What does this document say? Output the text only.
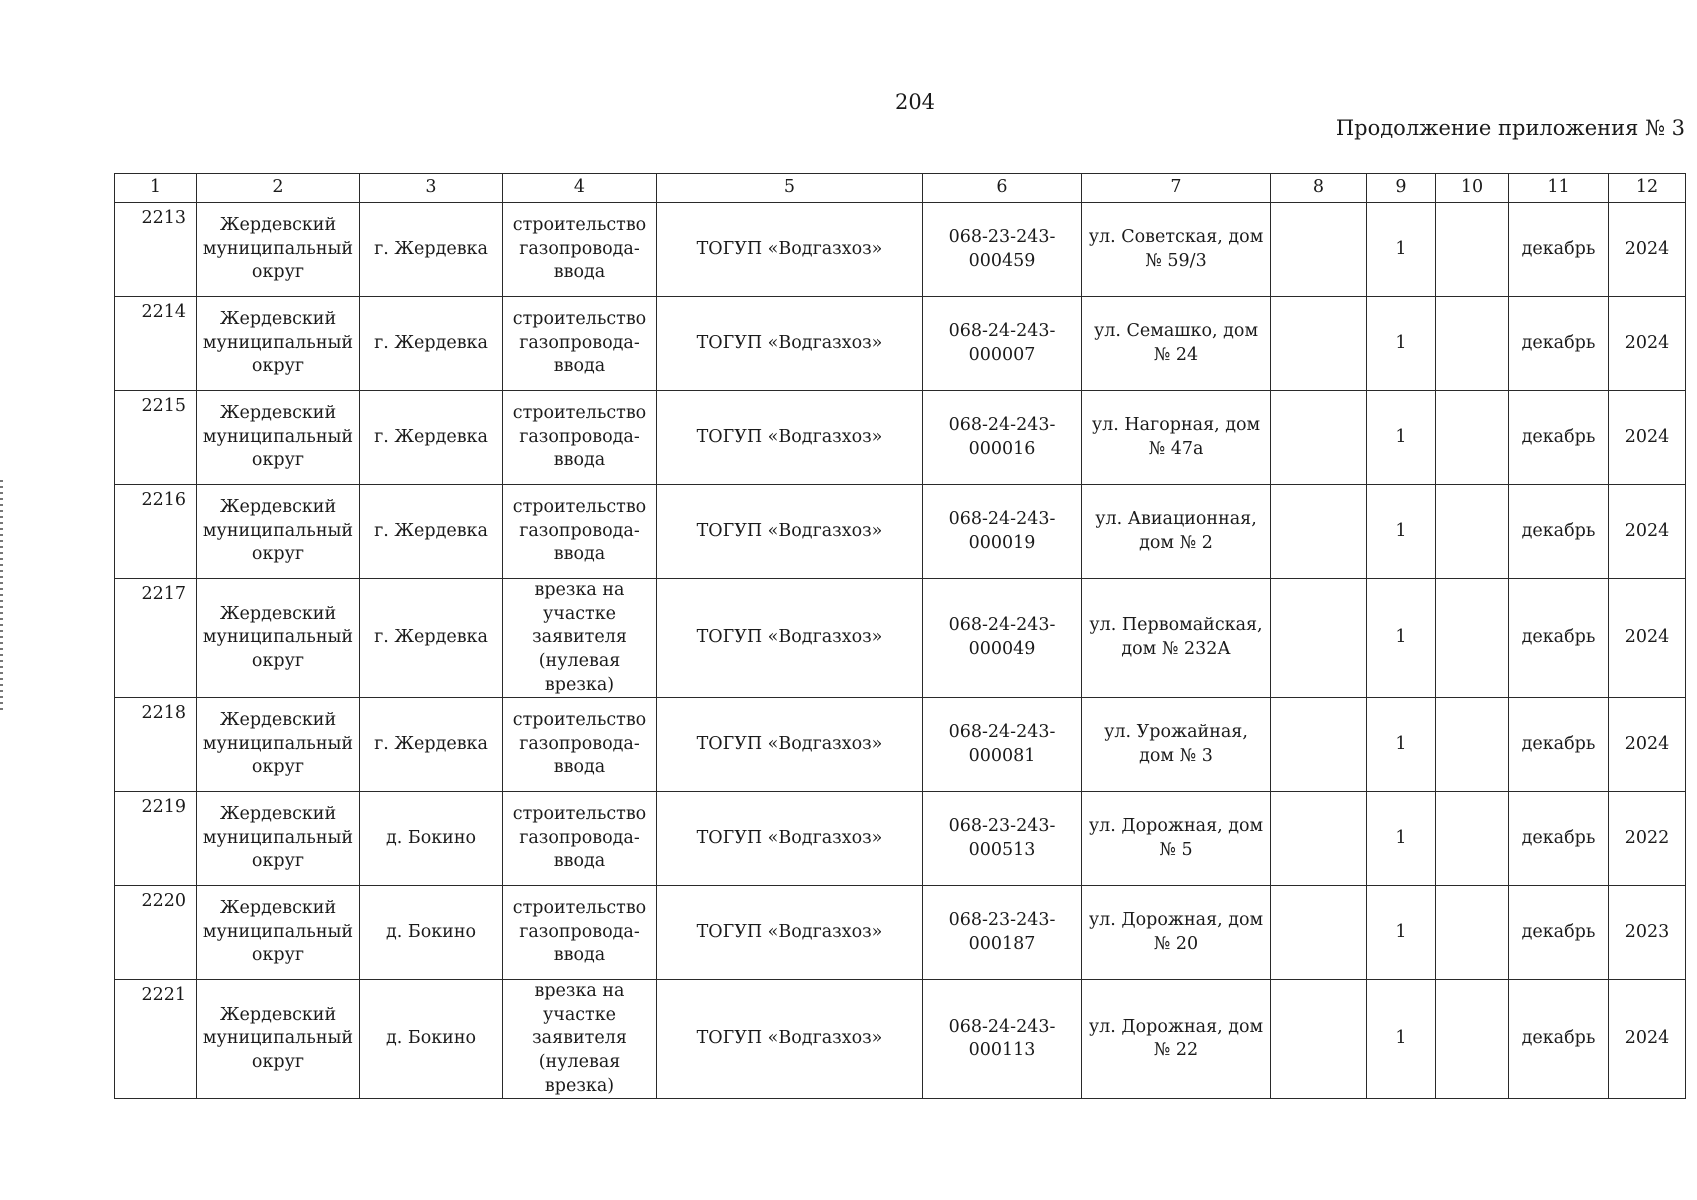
204
Продолжение приложения № 3
1	2	3	4	5	6	7	8	9	10	11	12
2213	Жердевский
муниципальный
округ	г. Жердевка	строительство
газопровода-
ввода	ТОГУП «Водгазхоз»	068-23-243-
000459	ул. Советская, дом
№ 59/3		1		декабрь	2024
2214	Жердевский
муниципальный
округ	г. Жердевка	строительство
газопровода-
ввода	ТОГУП «Водгазхоз»	068-24-243-
000007	ул. Семашко, дом
№ 24		1		декабрь	2024
2215	Жердевский
муниципальный
округ	г. Жердевка	строительство
газопровода-
ввода	ТОГУП «Водгазхоз»	068-24-243-
000016	ул. Нагорная, дом
№ 47а		1		декабрь	2024
2216	Жердевский
муниципальный
округ	г. Жердевка	строительство
газопровода-
ввода	ТОГУП «Водгазхоз»	068-24-243-
000019	ул. Авиационная,
дом № 2		1		декабрь	2024
2217	Жердевский
муниципальный
округ	г. Жердевка	врезка на
участке
заявителя
(нулевая
врезка)	ТОГУП «Водгазхоз»	068-24-243-
000049	ул. Первомайская,
дом № 232А		1		декабрь	2024
2218	Жердевский
муниципальный
округ	г. Жердевка	строительство
газопровода-
ввода	ТОГУП «Водгазхоз»	068-24-243-
000081	ул. Урожайная,
дом № 3		1		декабрь	2024
2219	Жердевский
муниципальный
округ	д. Бокино	строительство
газопровода-
ввода	ТОГУП «Водгазхоз»	068-23-243-
000513	ул. Дорожная, дом
№ 5		1		декабрь	2022
2220	Жердевский
муниципальный
округ	д. Бокино	строительство
газопровода-
ввода	ТОГУП «Водгазхоз»	068-23-243-
000187	ул. Дорожная, дом
№ 20		1		декабрь	2023
2221	Жердевский
муниципальный
округ	д. Бокино	врезка на
участке
заявителя
(нулевая
врезка)	ТОГУП «Водгазхоз»	068-24-243-
000113	ул. Дорожная, дом
№ 22		1		декабрь	2024
